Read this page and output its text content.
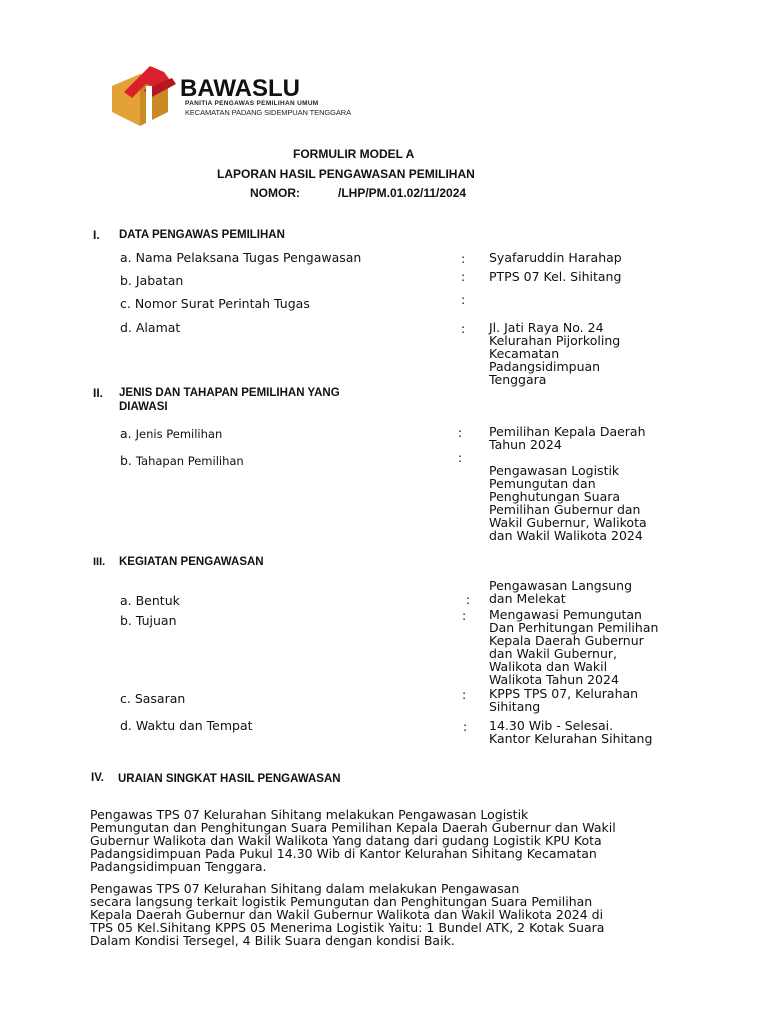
BAWASLU
PANITIA PENGAWAS PEMILIHAN UMUM
KECAMATAN PADANG SIDEMPUAN TENGGARA
FORMULIR MODEL A
LAPORAN HASIL PENGAWASAN PEMILIHAN
NOMOR:	/LHP/PM.01.02/11/2024
I. DATA PENGAWAS PEMILIHAN
a. Nama Pelaksana Tugas Pengawasan	: Syafaruddin Harahap
b. Jabatan	: PTPS 07 Kel. Sihitang
c. Nomor Surat Perintah Tugas	:
d. Alamat	: Jl. Jati Raya No. 24
Kelurahan Pijorkoling
Kecamatan
Padangsidimpuan
Tenggara
II. JENIS DAN TAHAPAN PEMILIHAN YANG
DIAWASI
a. Jenis Pemilihan	: Pemilihan Kepala Daerah
Tahun 2024
b. Tahapan Pemilihan	:
Pengawasan Logistik
Pemungutan dan
Penghutungan Suara
Pemilihan Gubernur dan
Wakil Gubernur, Walikota
dan Wakil Walikota 2024
III. KEGIATAN PENGAWASAN
a. Bentuk	:
Pengawasan Langsung
dan Melekat
b. Tujuan	: Mengawasi Pemungutan
Dan Perhitungan Pemilihan
Kepala Daerah Gubernur
dan Wakil Gubernur,
Walikota dan Wakil
Walikota Tahun 2024
c. Sasaran	: KPPS TPS 07, Kelurahan
Sihitang
d. Waktu dan Tempat	: 14.30 Wib - Selesai.
Kantor Kelurahan Sihitang
IV. URAIAN SINGKAT HASIL PENGAWASAN
Pengawas TPS 07 Kelurahan Sihitang melakukan Pengawasan Logistik
Pemungutan dan Penghitungan Suara Pemilihan Kepala Daerah Gubernur dan Wakil
Gubernur Walikota dan Wakil Walikota Yang datang dari gudang Logistik KPU Kota
Padangsidimpuan Pada Pukul 14.30 Wib di Kantor Kelurahan Sihitang Kecamatan
Padangsidimpuan Tenggara.
Pengawas TPS 07 Kelurahan Sihitang dalam melakukan Pengawasan
secara langsung terkait logistik Pemungutan dan Penghitungan Suara Pemilihan
Kepala Daerah Gubernur dan Wakil Gubernur Walikota dan Wakil Walikota 2024 di
TPS 05 Kel.Sihitang KPPS 05 Menerima Logistik Yaitu: 1 Bundel ATK, 2 Kotak Suara
Dalam Kondisi Tersegel, 4 Bilik Suara dengan kondisi Baik.
